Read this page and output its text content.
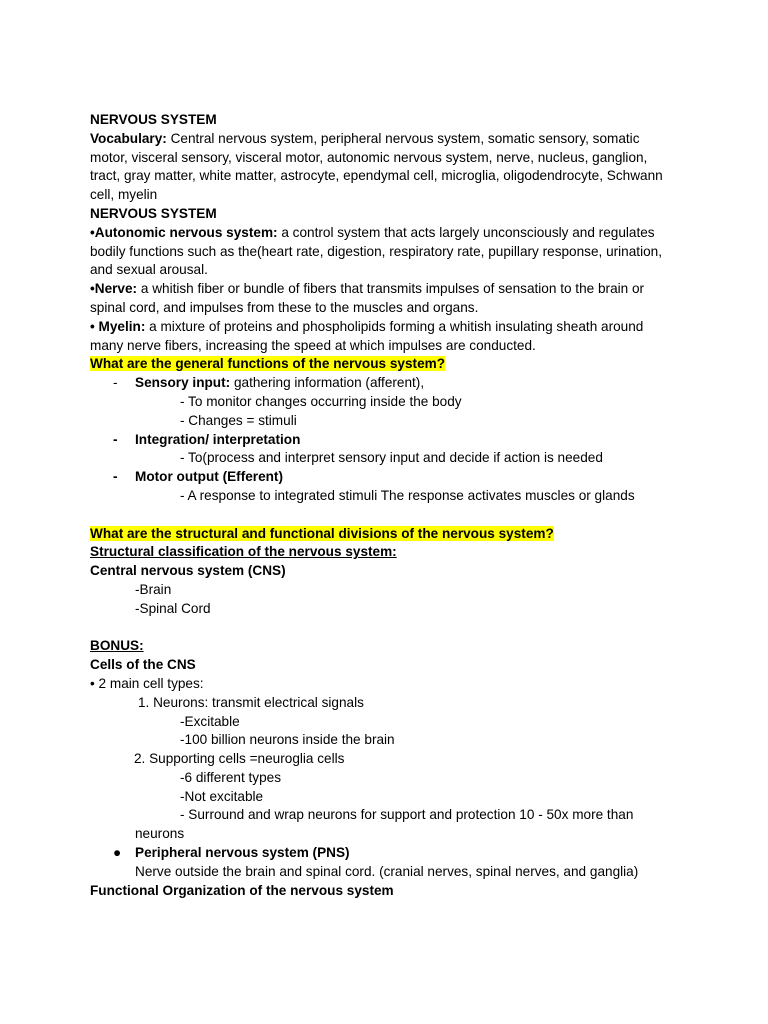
NERVOUS SYSTEM
Vocabulary: Central nervous system, peripheral nervous system, somatic sensory, somatic
motor, visceral sensory, visceral motor, autonomic nervous system, nerve, nucleus, ganglion,
tract, gray matter, white matter, astrocyte, ependymal cell, microglia, oligodendrocyte, Schwann
cell, myelin
NERVOUS SYSTEM
•Autonomic nervous system: a control system that acts largely unconsciously and regulates
bodily functions such as the(heart rate, digestion, respiratory rate, pupillary response, urination,
and sexual arousal.
•Nerve: a whitish fiber or bundle of fibers that transmits impulses of sensation to the brain or
spinal cord, and impulses from these to the muscles and organs.
• Myelin: a mixture of proteins and phospholipids forming a whitish insulating sheath around
many nerve fibers, increasing the speed at which impulses are conducted.
What are the general functions of the nervous system?
- Sensory input: gathering information (afferent),
- To monitor changes occurring inside the body
- Changes = stimuli
- Integration/ interpretation
- To(process and interpret sensory input and decide if action is needed
- Motor output (Efferent)
- A response to integrated stimuli The response activates muscles or glands
What are the structural and functional divisions of the nervous system?
Structural classification of the nervous system:
Central nervous system (CNS)
-Brain
-Spinal Cord
BONUS:
Cells of the CNS
• 2 main cell types:
1. Neurons: transmit electrical signals
-Excitable
-100 billion neurons inside the brain
2. Supporting cells =neuroglia cells
-6 different types
-Not excitable
- Surround and wrap neurons for support and protection 10 - 50x more than
neurons
● Peripheral nervous system (PNS)
Nerve outside the brain and spinal cord. (cranial nerves, spinal nerves, and ganglia)
Functional Organization of the nervous system
